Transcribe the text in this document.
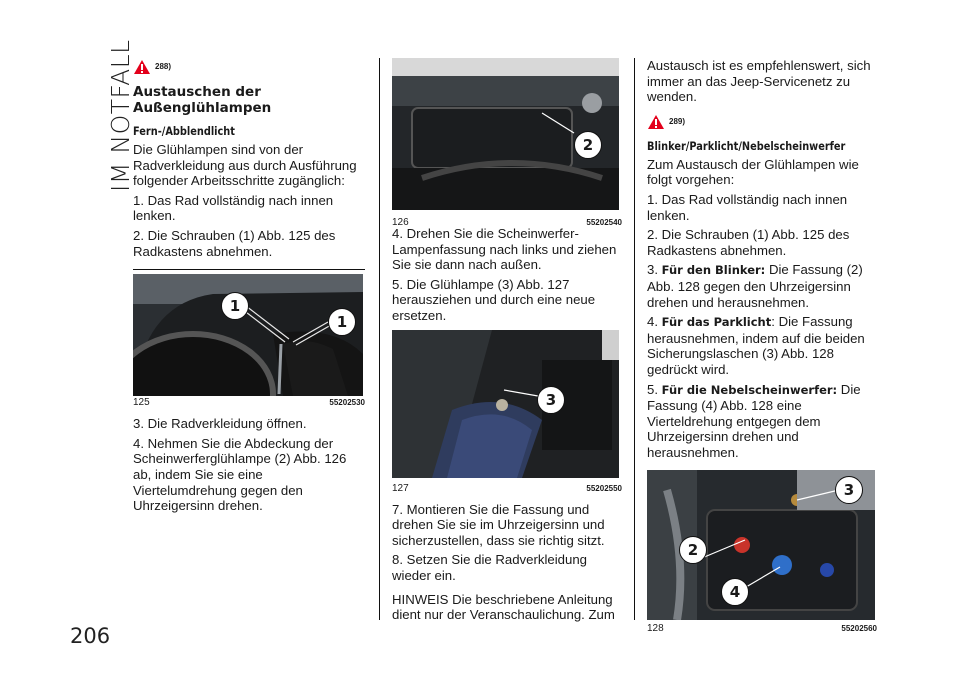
IM NOTFALL
206
288)
Austauschen der Außenglühlampen
Fern-/Abblendlicht

Die Glühlampen sind von der Radverkleidung aus durch Ausführung folgender Arbeitsschritte zugänglich:

1. Das Rad vollständig nach innen lenken.

2. Die Schrauben (1) Abb. 125 des Radkastens abnehmen.

1
1
125	55202530

3. Die Radverkleidung öffnen.

4. Nehmen Sie die Abdeckung der Scheinwerferglühlampe (2) Abb. 126 ab, indem Sie sie eine Viertelumdrehung gegen den Uhrzeigersinn drehen.

2
126	55202540

4. Drehen Sie die Scheinwerfer-Lampenfassung nach links und ziehen Sie sie dann nach außen.

5. Die Glühlampe (3) Abb. 127 herausziehen und durch eine neue ersetzen.

3
127	55202550

7. Montieren Sie die Fassung und drehen Sie sie im Uhrzeigersinn und sicherzustellen, dass sie richtig sitzt.

8. Setzen Sie die Radverkleidung wieder ein.

HINWEIS Die beschriebene Anleitung dient nur der Veranschaulichung. Zum

Austausch ist es empfehlenswert, sich immer an das Jeep-Servicenetz zu wenden.

289)
Blinker/Parklicht/Nebelscheinwerfer

Zum Austausch der Glühlampen wie folgt vorgehen:

1. Das Rad vollständig nach innen lenken.

2. Die Schrauben (1) Abb. 125 des Radkastens abnehmen.

3. Für den Blinker: Die Fassung (2) Abb. 128 gegen den Uhrzeigersinn drehen und herausnehmen.

4. Für das Parklicht: Die Fassung herausnehmen, indem auf die beiden Sicherungslaschen (3) Abb. 128 gedrückt wird.

5. Für die Nebelscheinwerfer: Die Fassung (4) Abb. 128 eine Vierteldrehung entgegen dem Uhrzeigersinn drehen und herausnehmen.

3
2
4
128	55202560
